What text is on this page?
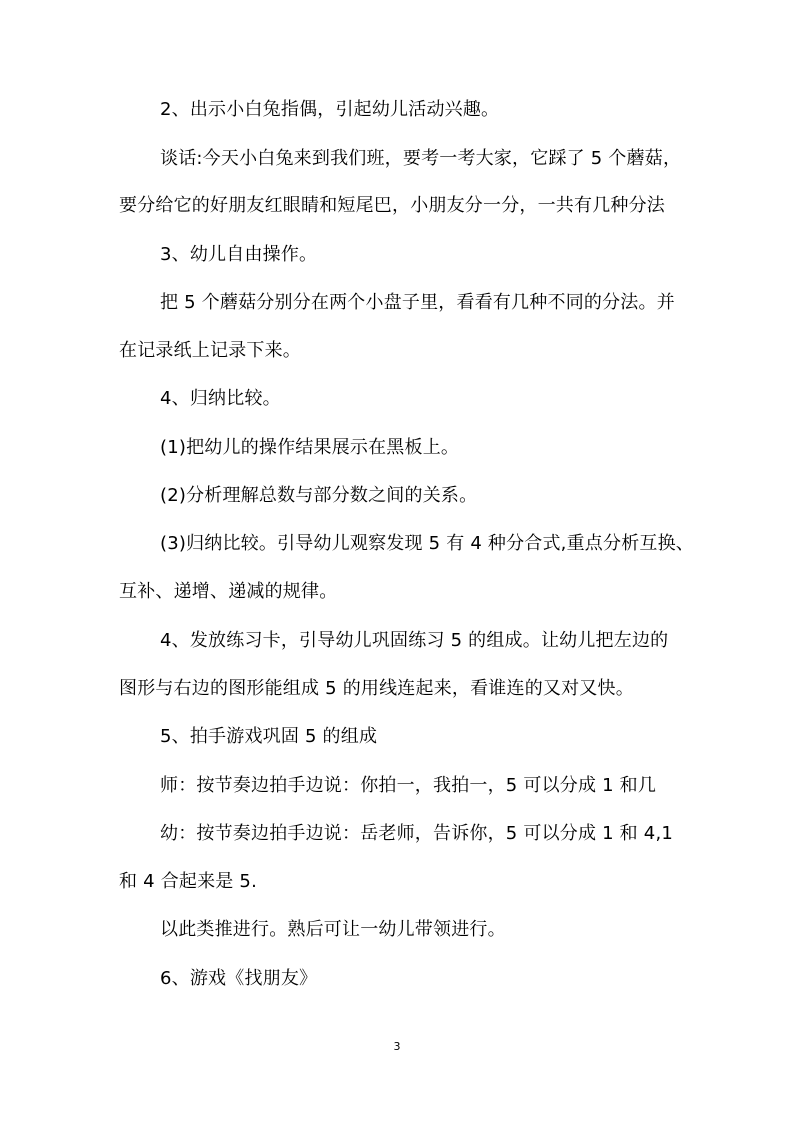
2、出示小白兔指偶，引起幼儿活动兴趣。
谈话:今天小白兔来到我们班，要考一考大家，它踩了 5 个蘑菇，
要分给它的好朋友红眼睛和短尾巴，小朋友分一分，一共有几种分法
3、幼儿自由操作。
把 5 个蘑菇分别分在两个小盘子里，看看有几种不同的分法。并
在记录纸上记录下来。
4、归纳比较。
(1)把幼儿的操作结果展示在黑板上。
(2)分析理解总数与部分数之间的关系。
(3)归纳比较。引导幼儿观察发现 5 有 4 种分合式,重点分析互换、
互补、递增、递减的规律。
4、发放练习卡，引导幼儿巩固练习 5 的组成。让幼儿把左边的
图形与右边的图形能组成 5 的用线连起来，看谁连的又对又快。
5、拍手游戏巩固 5 的组成
师：按节奏边拍手边说：你拍一，我拍一，5 可以分成 1 和几
幼：按节奏边拍手边说：岳老师，告诉你，5 可以分成 1 和 4,1
和 4 合起来是 5.
以此类推进行。熟后可让一幼儿带领进行。
6、游戏《找朋友》
3
